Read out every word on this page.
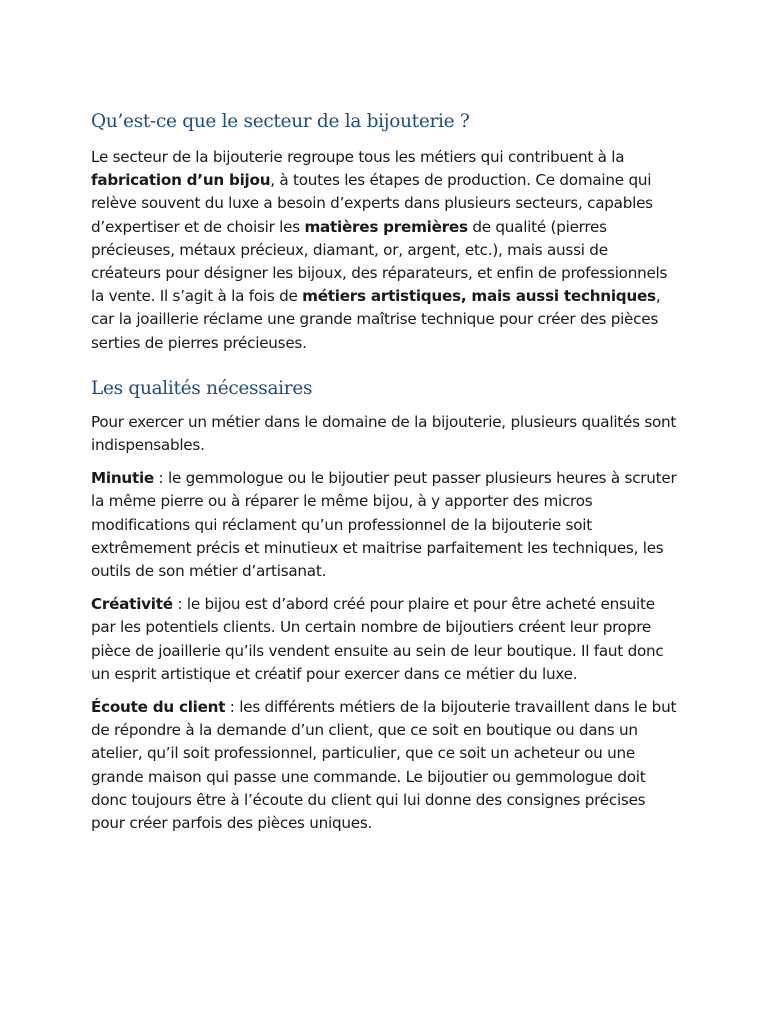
Qu’est-ce que le secteur de la bijouterie ?

Le secteur de la bijouterie regroupe tous les métiers qui contribuent à la fabrication d’un bijou, à toutes les étapes de production. Ce domaine qui relève souvent du luxe a besoin d’experts dans plusieurs secteurs, capables d’expertiser et de choisir les matières premières de qualité (pierres précieuses, métaux précieux, diamant, or, argent, etc.), mais aussi de créateurs pour désigner les bijoux, des réparateurs, et enfin de professionnels la vente. Il s’agit à la fois de métiers artistiques, mais aussi techniques, car la joaillerie réclame une grande maîtrise technique pour créer des pièces serties de pierres précieuses.

Les qualités nécessaires

Pour exercer un métier dans le domaine de la bijouterie, plusieurs qualités sont indispensables.

Minutie : le gemmologue ou le bijoutier peut passer plusieurs heures à scruter la même pierre ou à réparer le même bijou, à y apporter des micros modifications qui réclament qu’un professionnel de la bijouterie soit extrêmement précis et minutieux et maitrise parfaitement les techniques, les outils de son métier d’artisanat.

Créativité : le bijou est d’abord créé pour plaire et pour être acheté ensuite par les potentiels clients. Un certain nombre de bijoutiers créent leur propre pièce de joaillerie qu’ils vendent ensuite au sein de leur boutique. Il faut donc un esprit artistique et créatif pour exercer dans ce métier du luxe.

Écoute du client : les différents métiers de la bijouterie travaillent dans le but de répondre à la demande d’un client, que ce soit en boutique ou dans un atelier, qu’il soit professionnel, particulier, que ce soit un acheteur ou une grande maison qui passe une commande. Le bijoutier ou gemmologue doit donc toujours être à l’écoute du client qui lui donne des consignes précises pour créer parfois des pièces uniques.
